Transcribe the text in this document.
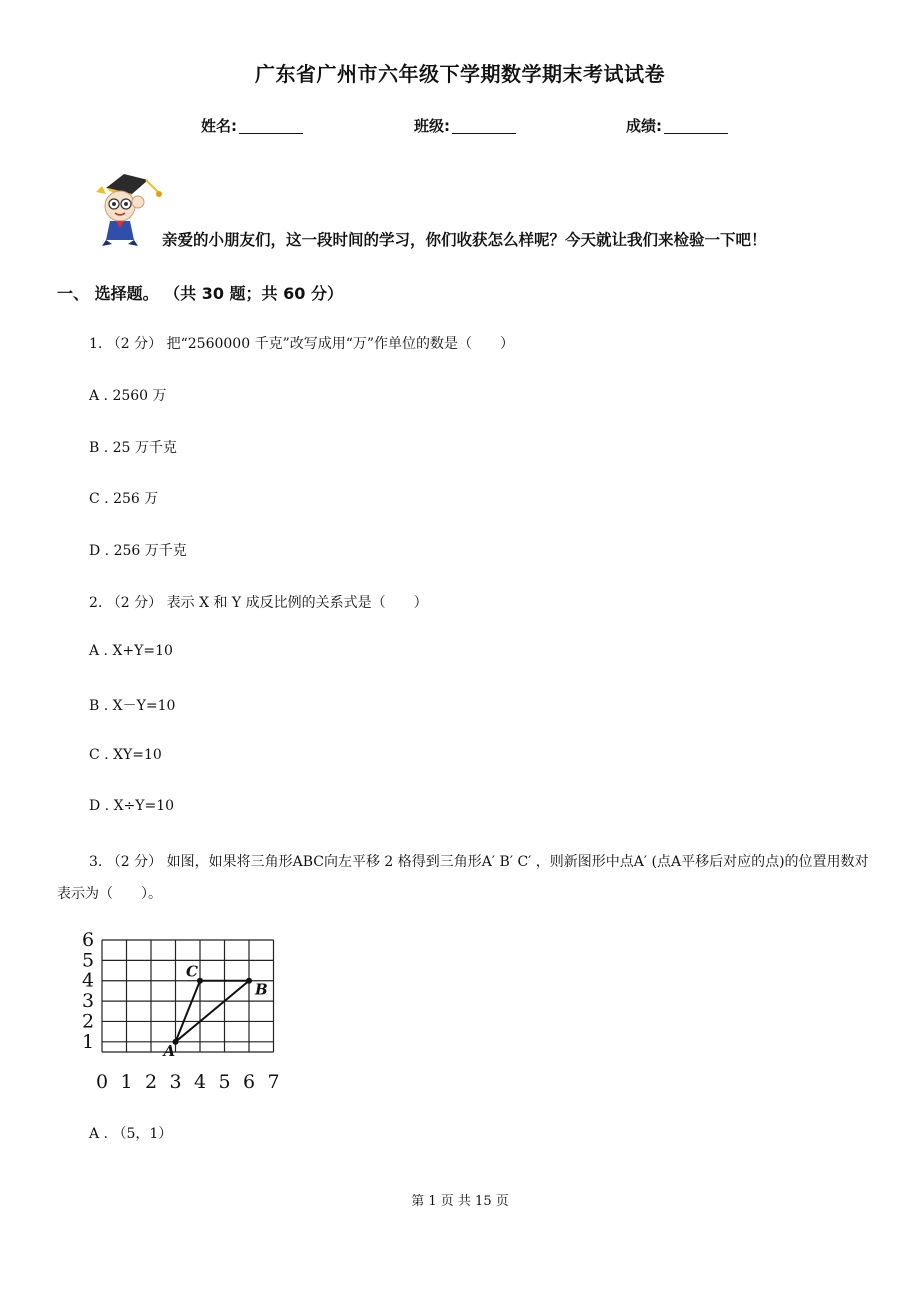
广东省广州市六年级下学期数学期末考试试卷
姓名:	班级:	成绩:
亲爱的小朋友们，这一段时间的学习，你们收获怎么样呢？今天就让我们来检验一下吧！
一、 选择题。 （共 30 题；共 60 分）
1. （2 分） 把“2560000 千克”改写成用“万”作单位的数是（　　）
A . 2560 万
B . 25 万千克
C . 256 万
D . 256 万千克
2. （2 分） 表示 X 和 Y 成反比例的关系式是（　　）
A . X+Y=10
B . X－Y=10
C . XY=10
D . X÷Y=10
3. （2 分） 如图，如果将三角形ABC向左平移 2 格得到三角形A′ B′ C′ ，则新图形中点A′ (点A平移后对应的点)的位置用数对表示为（　　）。
6
5
4
3
2
1
0 1 2 3 4 5 6 7
A
B
C
A . （5，1）
第 1 页 共 15 页
